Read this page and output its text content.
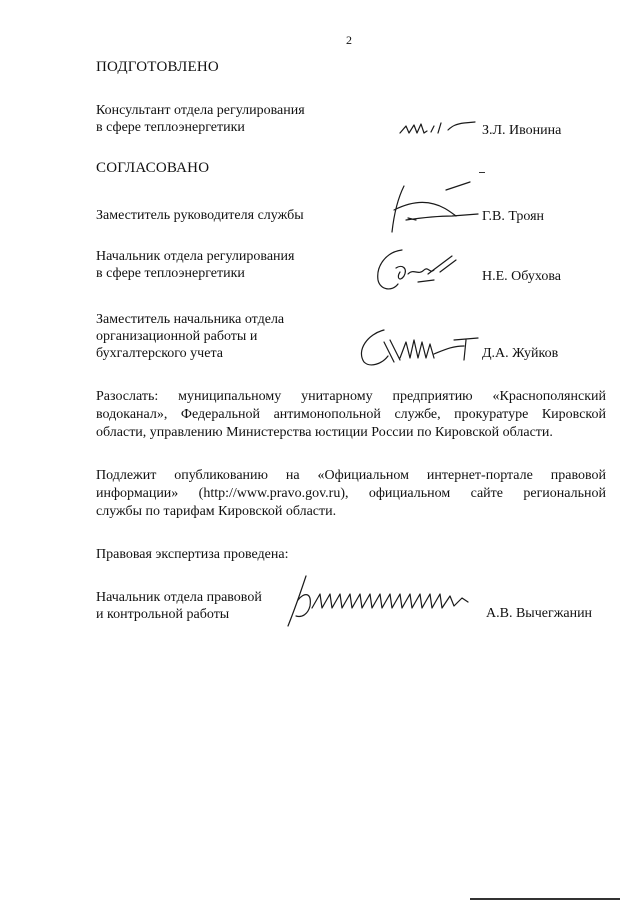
2
ПОДГОТОВЛЕНО
Консультант отдела регулирования
в сфере теплоэнергетики	З.Л. Ивонина
СОГЛАСОВАНО
Заместитель руководителя службы	Г.В. Троян
Начальник отдела регулирования
в сфере теплоэнергетики	Н.Е. Обухова
Заместитель начальника отдела
организационной работы и
бухгалтерского учета	Д.А. Жуйков
Разослать: муниципальному унитарному предприятию «Краснополянский
водоканал», Федеральной антимонопольной службе, прокуратуре Кировской
области, управлению Министерства юстиции России по Кировской области.
Подлежит опубликованию на «Официальном интернет-портале правовой
информации» (http://www.pravo.gov.ru), официальном сайте региональной
службы по тарифам Кировской области.
Правовая экспертиза проведена:
Начальник отдела правовой
и контрольной работы	А.В. Вычегжанин
